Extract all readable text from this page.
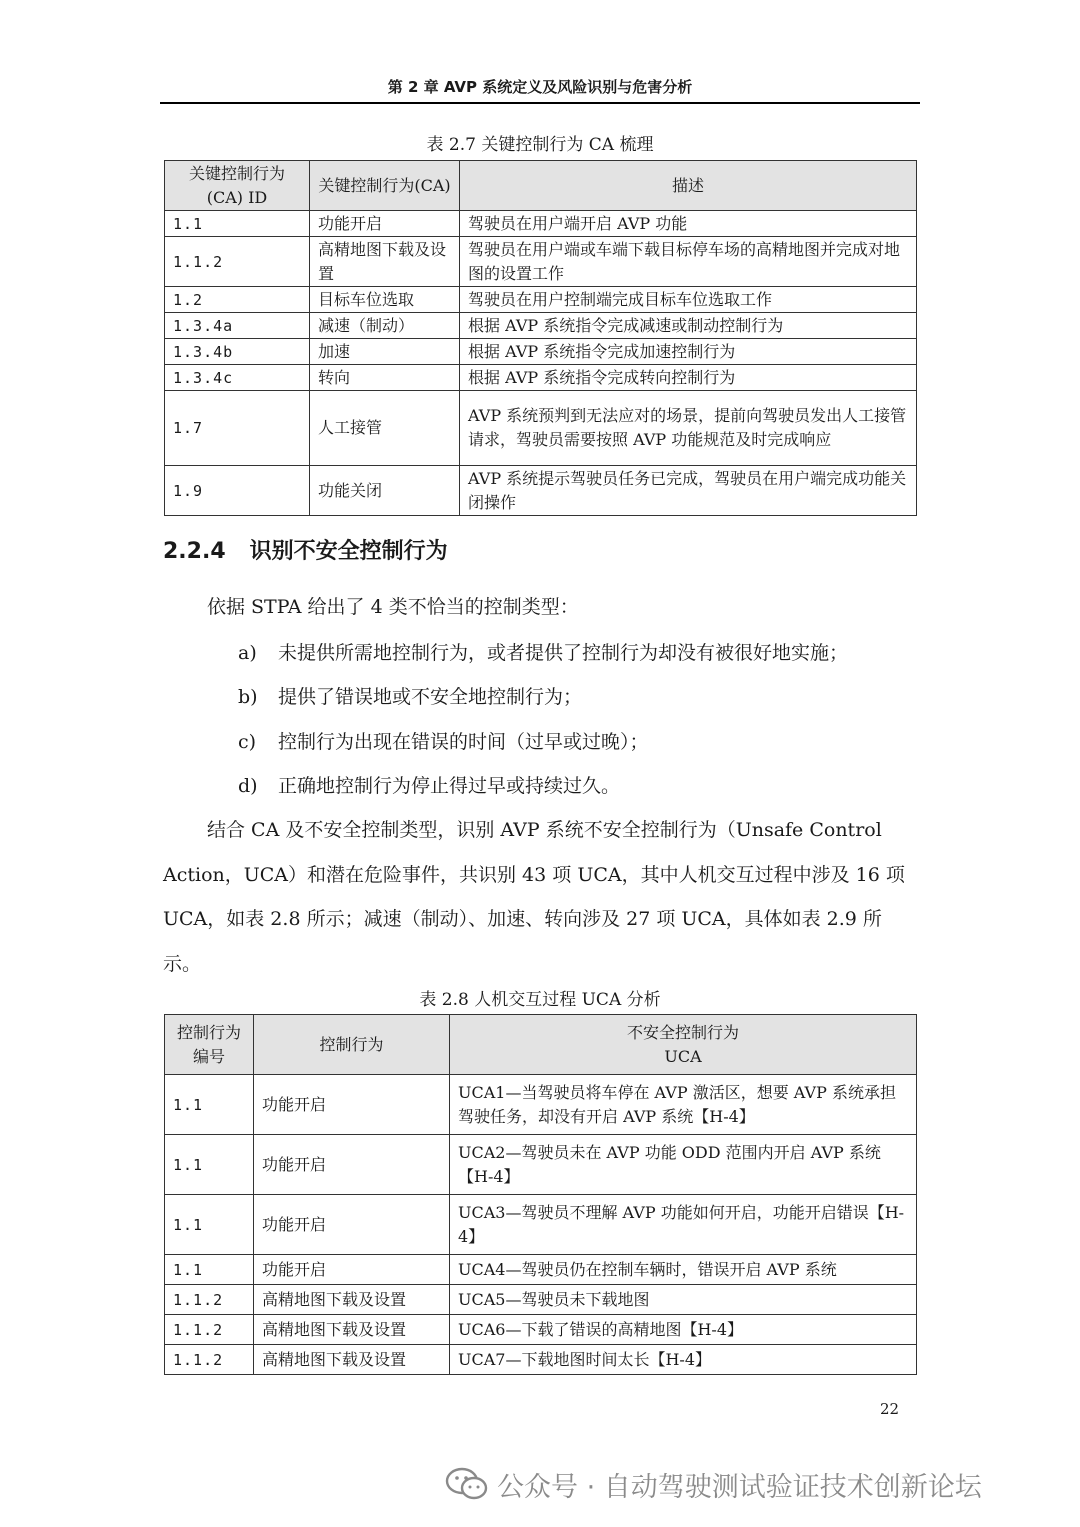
第 2 章 AVP 系统定义及风险识别与危害分析
表 2.7 关键控制行为 CA 梳理
关键控制行为(CA) ID	关键控制行为(CA)	描述
1.1	功能开启	驾驶员在用户端开启 AVP 功能
1.1.2	高精地图下载及设置	驾驶员在用户端或车端下载目标停车场的高精地图并完成对地图的设置工作
1.2	目标车位选取	驾驶员在用户控制端完成目标车位选取工作
1.3.4a	减速（制动）	根据 AVP 系统指令完成减速或制动控制行为
1.3.4b	加速	根据 AVP 系统指令完成加速控制行为
1.3.4c	转向	根据 AVP 系统指令完成转向控制行为
1.7	人工接管	AVP 系统预判到无法应对的场景，提前向驾驶员发出人工接管请求，驾驶员需要按照 AVP 功能规范及时完成响应
1.9	功能关闭	AVP 系统提示驾驶员任务已完成，驾驶员在用户端完成功能关闭操作
2.2.4 识别不安全控制行为
依据 STPA 给出了 4 类不恰当的控制类型：
a) 未提供所需地控制行为，或者提供了控制行为却没有被很好地实施；
b) 提供了错误地或不安全地控制行为；
c) 控制行为出现在错误的时间（过早或过晚）；
d) 正确地控制行为停止得过早或持续过久。
结合 CA 及不安全控制类型，识别 AVP 系统不安全控制行为（Unsafe Control Action，UCA）和潜在危险事件，共识别 43 项 UCA，其中人机交互过程中涉及 16 项 UCA，如表 2.8 所示；减速（制动）、加速、转向涉及 27 项 UCA，具体如表 2.9 所示。
表 2.8 人机交互过程 UCA 分析
控制行为编号	控制行为	不安全控制行为
UCA

1.1	功能开启	UCA1—当驾驶员将车停在 AVP 激活区，想要 AVP 系统承担驾驶任务，却没有开启 AVP 系统【H-4】
1.1	功能开启	UCA2—驾驶员未在 AVP 功能 ODD 范围内开启 AVP 系统【H-4】
1.1	功能开启	UCA3—驾驶员不理解 AVP 功能如何开启，功能开启错误【H-4】
1.1	功能开启	UCA4—驾驶员仍在控制车辆时，错误开启 AVP 系统
1.1.2	高精地图下载及设置	UCA5—驾驶员未下载地图
1.1.2	高精地图下载及设置	UCA6—下载了错误的高精地图【H-4】
1.1.2	高精地图下载及设置	UCA7—下载地图时间太长【H-4】
22
公众号 · 自动驾驶测试验证技术创新论坛
